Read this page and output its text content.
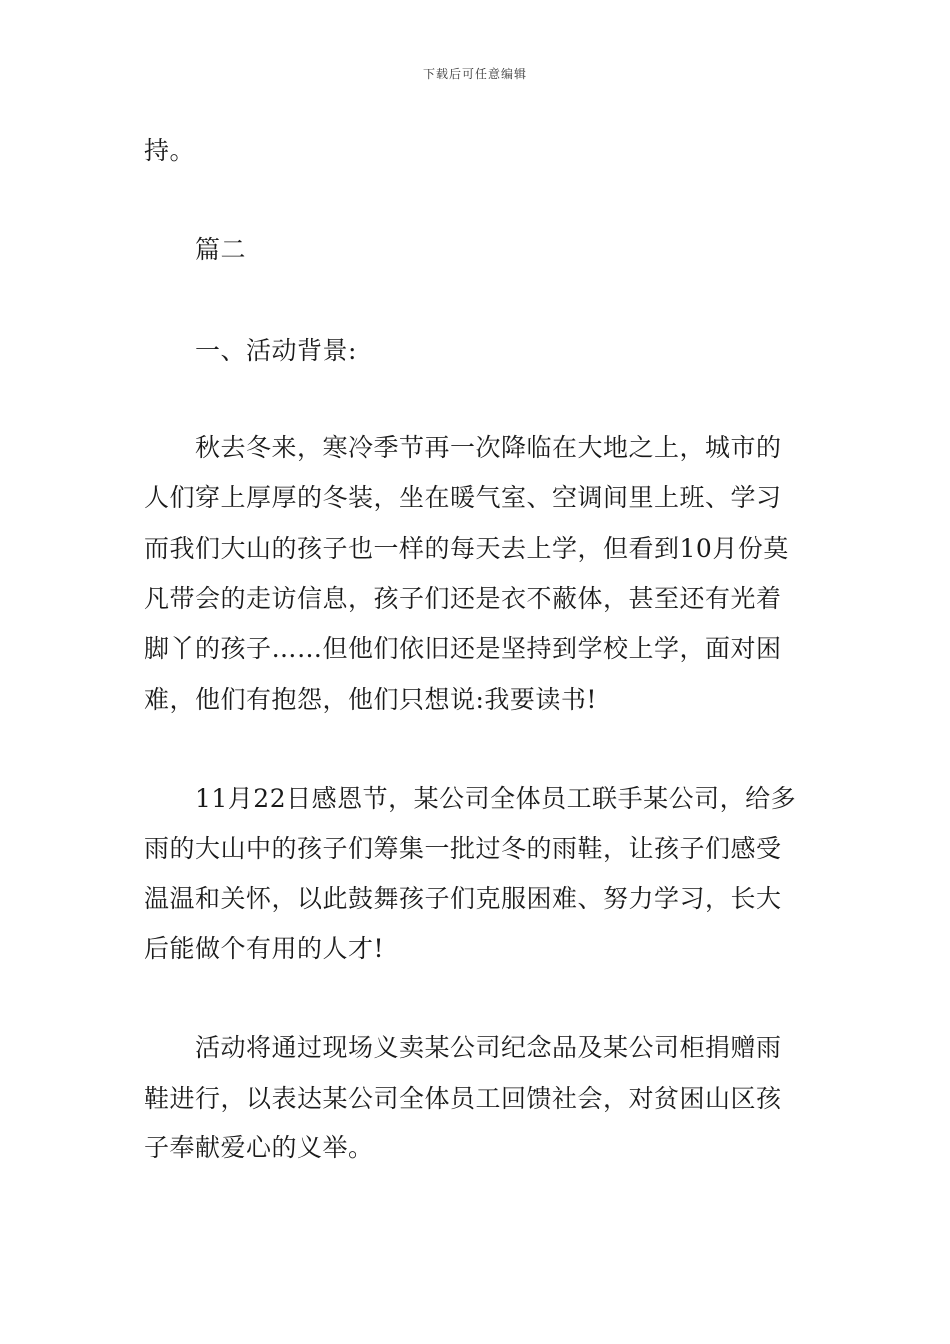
下载后可任意编辑
持。
篇二
一、活动背景:
秋去冬来，寒冷季节再一次降临在大地之上，城市的
人们穿上厚厚的冬装，坐在暖气室、空调间里上班、学习
而我们大山的孩子也一样的每天去上学，但看到10月份莫
凡带会的走访信息，孩子们还是衣不蔽体，甚至还有光着
脚丫的孩子……但他们依旧还是坚持到学校上学，面对困
难，他们有抱怨，他们只想说:我要读书!
11月22日感恩节，某公司全体员工联手某公司，给多
雨的大山中的孩子们筹集一批过冬的雨鞋，让孩子们感受
温温和关怀，以此鼓舞孩子们克服困难、努力学习，长大
后能做个有用的人才!
活动将通过现场义卖某公司纪念品及某公司柜捐赠雨
鞋进行，以表达某公司全体员工回馈社会，对贫困山区孩
子奉献爱心的义举。
